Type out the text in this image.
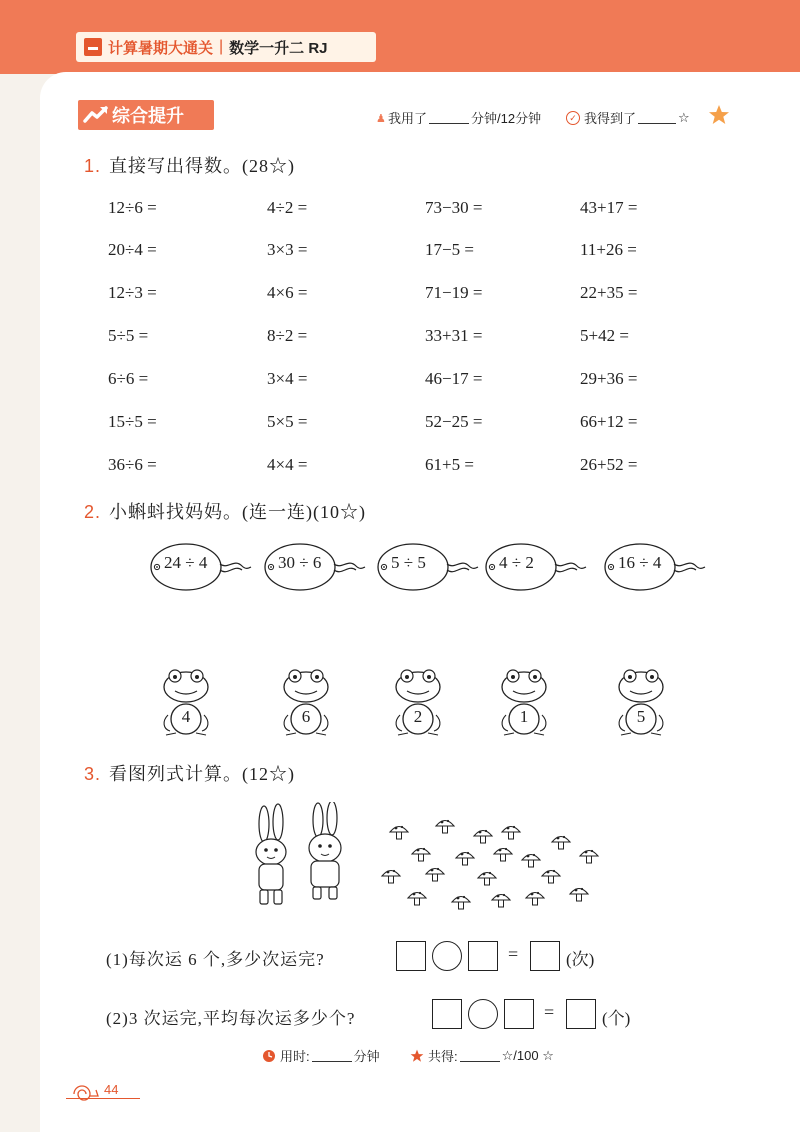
计算暑期大通关 | 数学一升二 RJ
综合提升	♟ 我用了	分钟/12分钟	✓ 我得到了	☆
1. 直接写出得数。(28☆)
12÷6 =	4÷2 =	73−30 =	43+17 =
20÷4 =	3×3 =	17−5 =	11+26 =
12÷3 =	4×6 =	71−19 =	22+35 =
5÷5 =	8÷2 =	33+31 =	5+42 =
6÷6 =	3×4 =	46−17 =	29+36 =
15÷5 =	5×5 =	52−25 =	66+12 =
36÷6 =	4×4 =	61+5 =	26+52 =
2. 小蝌蚪找妈妈。(连一连)(10☆)
24 ÷ 4	30 ÷ 6	5 ÷ 5	4 ÷ 2	16 ÷ 4
4	6	2	1	5
3. 看图列式计算。(12☆)
(1)每次运 6 个,多少次运完?	=	(次)
(2)3 次运完,平均每次运多少个?	=	(个)
用时:	分钟	共得:	☆/100 ☆
44
